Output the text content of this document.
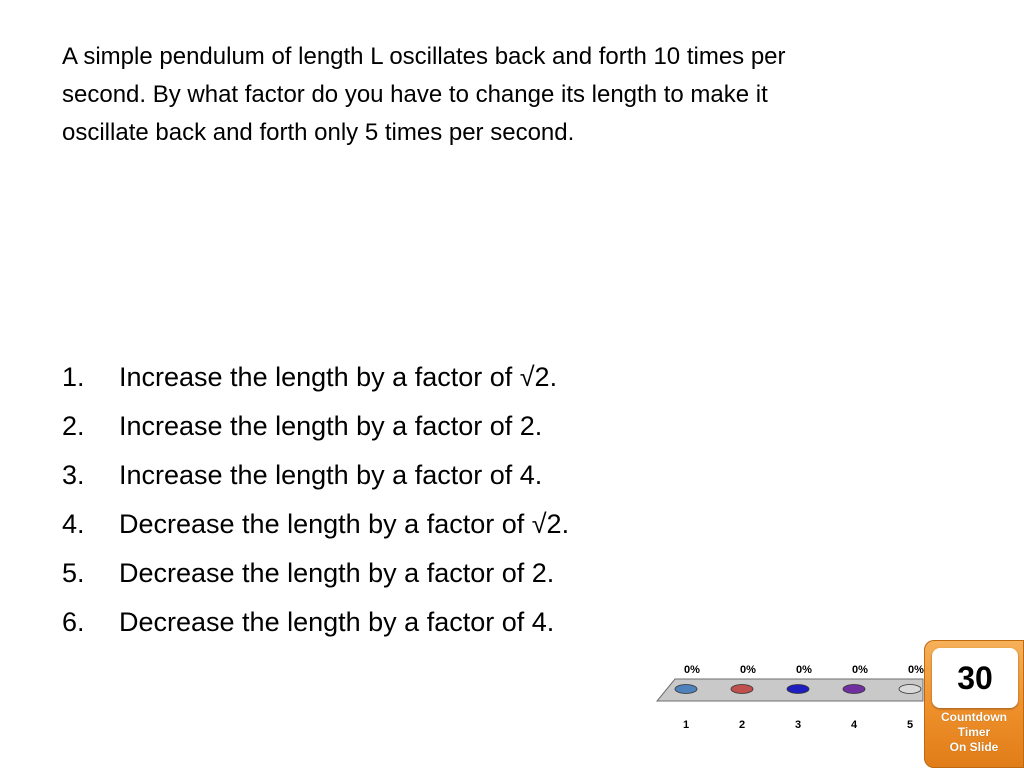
A simple pendulum of length L oscillates back and forth 10 times per
second. By what factor do you have to change its length to make it
oscillate back and forth only 5 times per second.

1.	Increase the length by a factor of √2.
2.	Increase the length by a factor of 2.
3.	Increase the length by a factor of 4.
4.	Decrease the length by a factor of √2.
5.	Decrease the length by a factor of 2.
6.	Decrease the length by a factor of 4.
0%
1
0%
2
0%
3
0%
4
0%
5
30
Countdown
Timer
On Slide
